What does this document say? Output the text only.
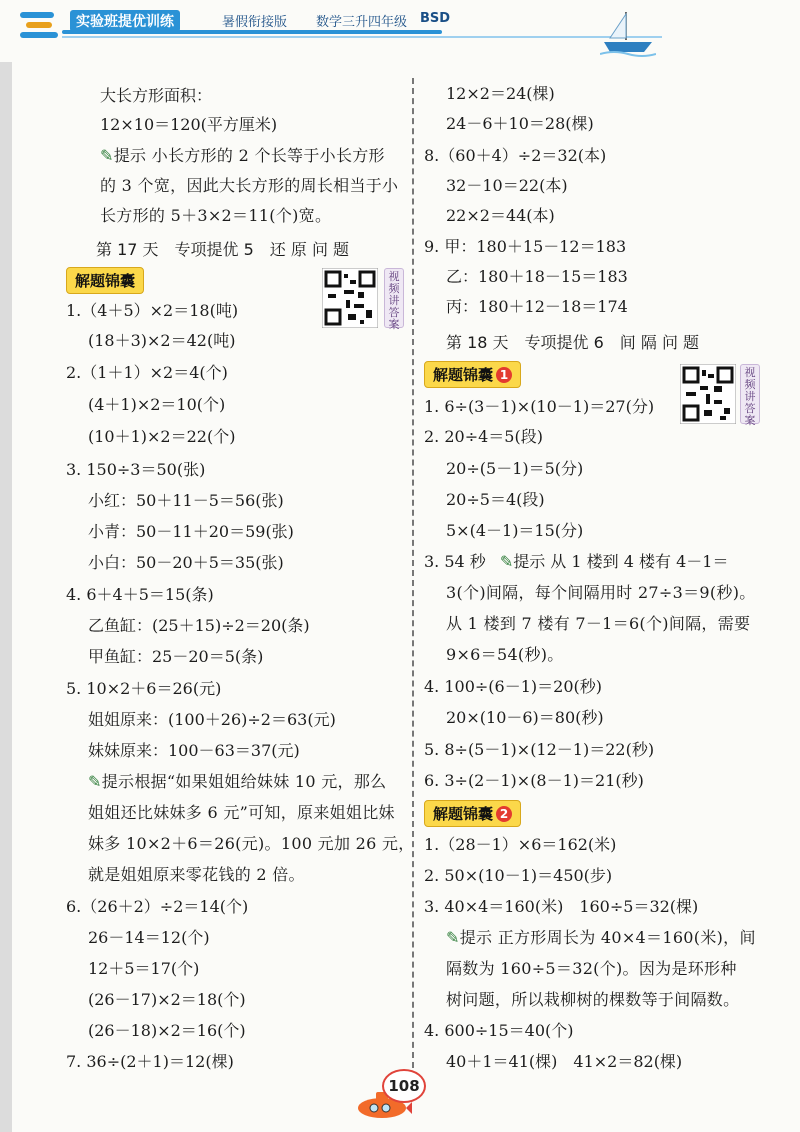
实验班提优训练	暑假衔接版 数学三升四年级 BSD
大长方形面积：
12×10＝120(平方厘米)
✎提示 小长方形的 2 个长等于小长方形
的 3 个宽，因此大长方形的周长相当于小
长方形的 5＋3×2＝11(个)宽。
第 17 天　专项提优 5　还 原 问 题
解题锦囊	视频讲答案
1.（4＋5）×2＝18(吨)
(18＋3)×2＝42(吨)
2.（1＋1）×2＝4(个)
(4＋1)×2＝10(个)
(10＋1)×2＝22(个)
3. 150÷3＝50(张)
小红：50＋11－5＝56(张)
小青：50－11＋20＝59(张)
小白：50－20＋5＝35(张)
4. 6＋4＋5＝15(条)
乙鱼缸：(25＋15)÷2＝20(条)
甲鱼缸：25－20＝5(条)
5. 10×2＋6＝26(元)
姐姐原来：(100＋26)÷2＝63(元)
妹妹原来：100－63＝37(元)
✎提示根据“如果姐姐给妹妹 10 元，那么
姐姐还比妹妹多 6 元”可知，原来姐姐比妹
妹多 10×2＋6＝26(元)。100 元加 26 元，
就是姐姐原来零花钱的 2 倍。
6.（26＋2）÷2＝14(个)
26－14＝12(个)
12＋5＝17(个)
(26－17)×2＝18(个)
(26－18)×2＝16(个)
7. 36÷(2＋1)＝12(棵)
12×2＝24(棵)
24－6＋10＝28(棵)
8.（60＋4）÷2＝32(本)
32－10＝22(本)
22×2＝44(本)
9. 甲：180＋15－12＝183
乙：180＋18－15＝183
丙：180＋12－18＝174
第 18 天　专项提优 6　间 隔 问 题
解题锦囊 1	视频讲答案
1. 6÷(3－1)×(10－1)＝27(分)
2. 20÷4＝5(段)
20÷(5－1)＝5(分)
20÷5＝4(段)
5×(4－1)＝15(分)
3. 54 秒 ✎提示 从 1 楼到 4 楼有 4－1＝
3(个)间隔，每个间隔用时 27÷3＝9(秒)。
从 1 楼到 7 楼有 7－1＝6(个)间隔，需要
9×6＝54(秒)。
4. 100÷(6－1)＝20(秒)
20×(10－6)＝80(秒)
5. 8÷(5－1)×(12－1)＝22(秒)
6. 3÷(2－1)×(8－1)＝21(秒)
解题锦囊 2
1.（28－1）×6＝162(米)
2. 50×(10－1)＝450(步)
3. 40×4＝160(米)　160÷5＝32(棵)
✎提示 正方形周长为 40×4＝160(米)，间
隔数为 160÷5＝32(个)。因为是环形种
树问题，所以栽柳树的棵数等于间隔数。
4. 600÷15＝40(个)
40＋1＝41(棵)　41×2＝82(棵)
108
